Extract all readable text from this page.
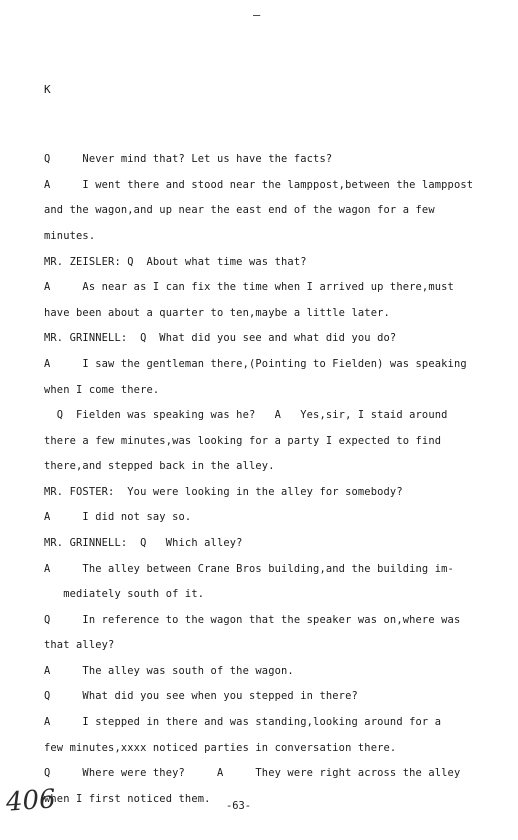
—
K
Q     Never mind that? Let us have the facts?
A     I went there and stood near the lamppost,between the lamppost
and the wagon,and up near the east end of the wagon for a few
minutes.
MR. ZEISLER: Q  About what time was that?
A     As near as I can fix the time when I arrived up there,must
have been about a quarter to ten,maybe a little later.
MR. GRINNELL:  Q  What did you see and what did you do?
A     I saw the gentleman there,(Pointing to Fielden) was speaking
when I come there.
Q  Fielden was speaking was he?   A   Yes,sir, I staid around
there a few minutes,was looking for a party I expected to find
there,and stepped back in the alley.
MR. FOSTER:  You were looking in the alley for somebody?
A     I did not say so.
MR. GRINNELL:  Q   Which alley?
A     The alley between Crane Bros building,and the building im-
mediately south of it.
Q     In reference to the wagon that the speaker was on,where was
that alley?
A     The alley was south of the wagon.
Q     What did you see when you stepped in there?
A     I stepped in there and was standing,looking around for a
few minutes,xxxx noticed parties in conversation there.
Q     Where were they?     A     They were right across the alley
when I first noticed them.
406	-63-
